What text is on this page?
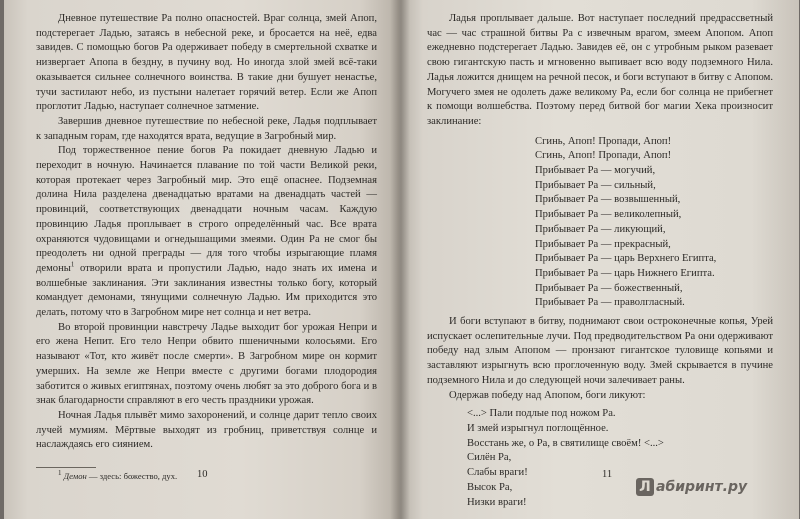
Дневное путешествие Ра полно опасностей. Враг солнца, змей Апоп, подстерегает Ладью, затаясь в небесной реке, и бросается на неё, едва завидев. С помощью богов Ра одерживает победу в смертельной схватке и низвергает Апопа в бездну, в пучину вод. Но иногда злой змей всё-таки оказывается сильнее солнечного воинства. В такие дни бушует ненастье, тучи застилают небо, из пустыни налетает горячий ветер. Если же Апоп проглотит Ладью, наступает солнечное затмение.

Завершив дневное путешествие по небесной реке, Ладья подплывает к западным горам, где находятся врата, ведущие в Загробный мир.

Под торжественное пение богов Ра покидает дневную Ладью и переходит в ночную. Начинается плавание по той части Великой реки, которая протекает через Загробный мир. Это ещё опаснее. Подземная долина Нила разделена двенадцатью вратами на двенадцать частей — провинций, соответствующих двенадцати ночным часам. Каждую провинцию Ладья проплывает в строго определённый час. Все врата охраняются чудовищами и огнедышащими змеями. Один Ра не смог бы преодолеть ни одной преграды — для того чтобы изрыгающие пламя демоны$^1$ отворили врата и пропустили Ладью, надо знать их имена и волшебные заклинания. Эти заклинания известны только богу, который командует демонами, тянущими солнечную Ладью. Им приходится это делать, потому что в Загробном мире нет солнца и нет ветра.

Во второй провинции навстречу Ладье выходит бог урожая Непри и его жена Непит. Его тело Непри обвито пшеничными колосьями. Его называют «Тот, кто живёт после смерти». В Загробном мире он кормит умерших. На земле же Непри вместе с другими богами плодородия заботится о живых египтянах, поэтому очень любят за это доброго бога и в знак благодарности справляют в его честь праздники урожая.

Ночная Ладья плывёт мимо захоронений, и солнце дарит тепло своих лучей мумиям. Мёртвые выходят из гробниц, приветствуя солнце и наслаждаясь его сиянием.

$^1$ Демон — здесь: божество, дух.	10

Ладья проплывает дальше. Вот наступает последний предрассветный час — час страшной битвы Ра с извечным врагом, змеем Апопом. Апоп ежедневно подстерегает Ладью. Завидев её, он с утробным рыком разевает свою гигантскую пасть и мгновенно выпивает всю воду подземного Нила. Ладья ложится днищем на речной песок, и боги вступают в битву с Апопом. Могучего змея не одолеть даже великому Ра, если бог солнца не прибегнет к помощи волшебства. Поэтому перед битвой бог магии Хека произносит заклинание:

Сгинь, Апоп! Пропади, Апоп!
Сгинь, Апоп! Пропади, Апоп!
Прибывает Ра — могучий,
Прибывает Ра — сильный,
Прибывает Ра — возвышенный,
Прибывает Ра — великолепный,
Прибывает Ра — ликующий,
Прибывает Ра — прекрасный,
Прибывает Ра — царь Верхнего Египта,
Прибывает Ра — царь Нижнего Египта.
Прибывает Ра — божественный,
Прибывает Ра — праволгласный.

И боги вступают в битву, поднимают свои остроконечные копья, Урей испускает ослепительные лучи. Под предводительством Ра они одерживают победу над злым Апопом — пронзают гигантское туловище копьями и заставляют изрыгнуть всю проглоченную воду. Змей скрывается в пучине подземного Нила и до следующей ночи залечивает раны.

Одержав победу над Апопом, боги ликуют:

<...> Пали подлые под ножом Ра.
И змей изрыгнул поглощённое.
Восстань же, о Ра, в святилище своём! <...>
Силён Ра,
Слабы враги!
Высок Ра,
Низки враги!
11
Л абиринт.ру
